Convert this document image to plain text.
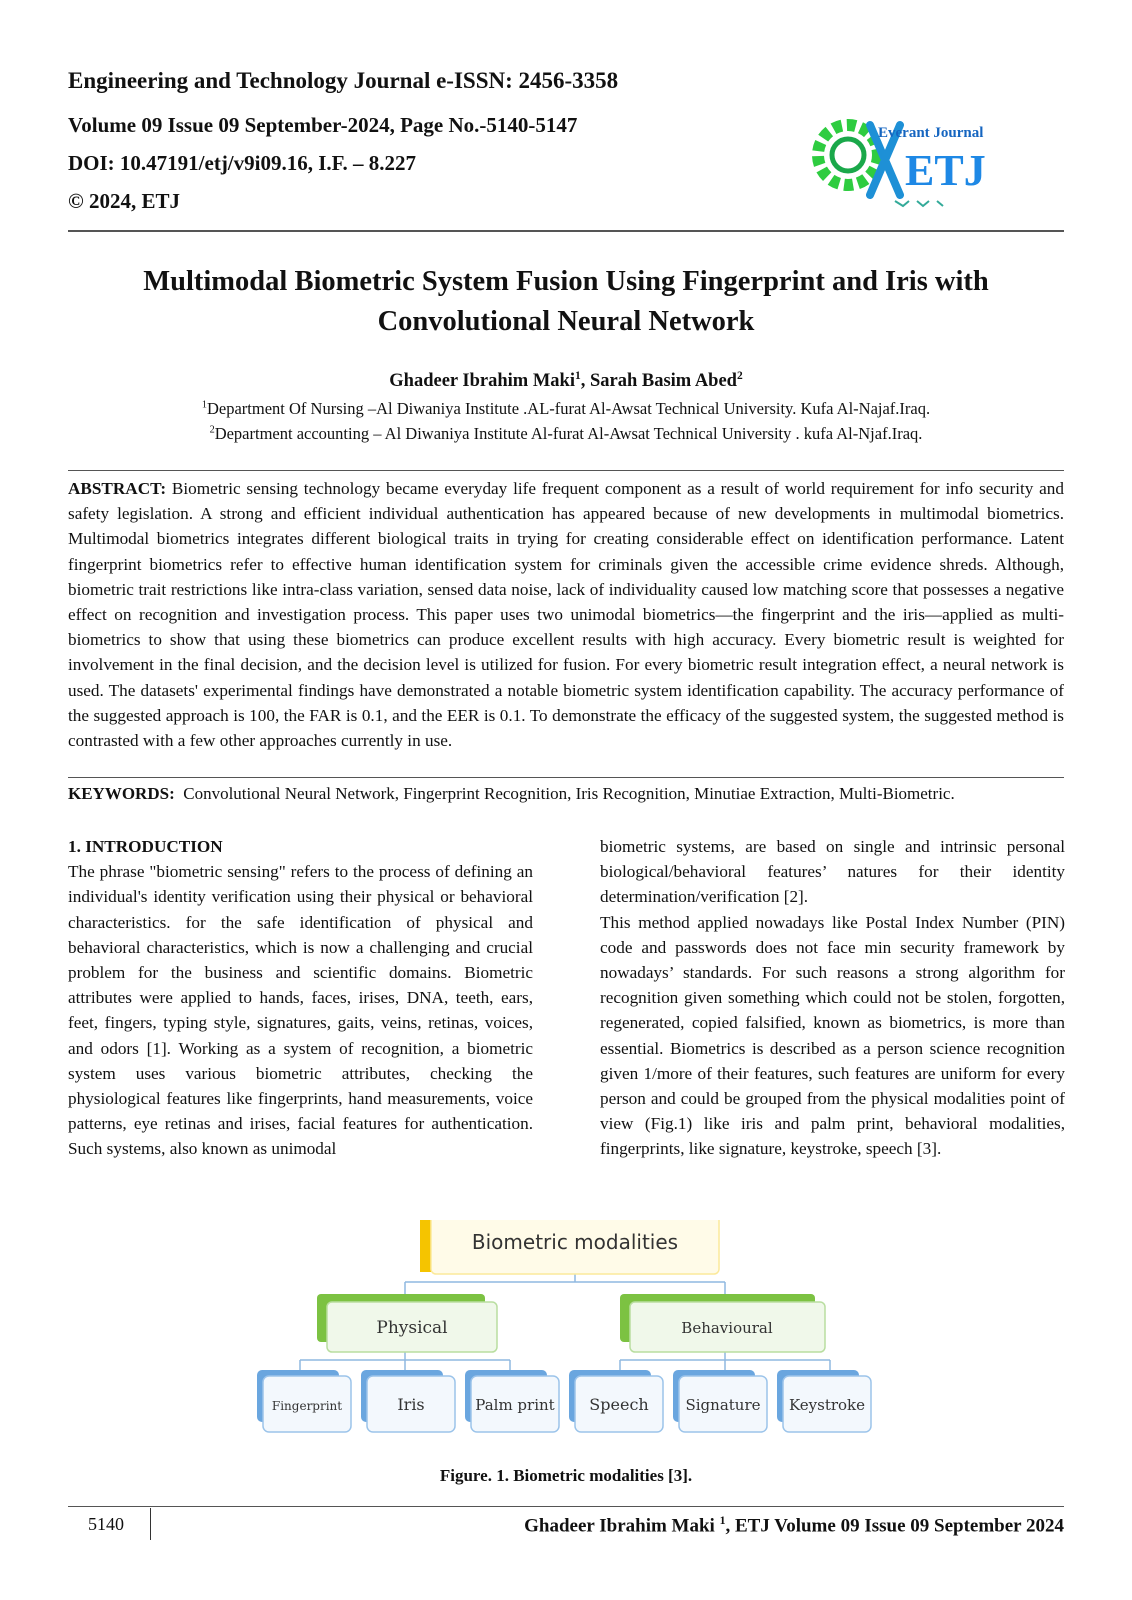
Engineering and Technology Journal e-ISSN: 2456-3358
Volume 09 Issue 09 September-2024, Page No.-5140-5147
DOI: 10.47191/etj/v9i09.16, I.F. – 8.227
© 2024, ETJ
Everant Journal
ETJ
Multimodal Biometric System Fusion Using Fingerprint and Iris with
Convolutional Neural Network
Ghadeer Ibrahim Maki$^1$, Sarah Basim Abed$^2$
$^1$Department Of Nursing –Al Diwaniya Institute .AL-furat Al-Awsat Technical University. Kufa Al-Najaf.Iraq.
$^2$Department accounting – Al Diwaniya Institute Al-furat Al-Awsat Technical University . kufa Al-Njaf.Iraq.
ABSTRACT: Biometric sensing technology became everyday life frequent component as a result of world requirement for info security and safety legislation. A strong and efficient individual authentication has appeared because of new developments in multimodal biometrics. Multimodal biometrics integrates different biological traits in trying for creating considerable effect on identification performance. Latent fingerprint biometrics refer to effective human identification system for criminals given the accessible crime evidence shreds. Although, biometric trait restrictions like intra-class variation, sensed data noise, lack of individuality caused low matching score that possesses a negative effect on recognition and investigation process. This paper uses two unimodal biometrics—the fingerprint and the iris—applied as multi-biometrics to show that using these biometrics can produce excellent results with high accuracy. Every biometric result is weighted for involvement in the final decision, and the decision level is utilized for fusion. For every biometric result integration effect, a neural network is used. The datasets' experimental findings have demonstrated a notable biometric system identification capability. The accuracy performance of the suggested approach is 100, the FAR is 0.1, and the EER is 0.1. To demonstrate the efficacy of the suggested system, the suggested method is contrasted with a few other approaches currently in use.
KEYWORDS: Convolutional Neural Network, Fingerprint Recognition, Iris Recognition, Minutiae Extraction, Multi-Biometric.

1. INTRODUCTION

The phrase "biometric sensing" refers to the process of defining an individual's identity verification using their physical or behavioral characteristics. for the safe identification of physical and behavioral characteristics, which is now a challenging and crucial problem for the business and scientific domains. Biometric attributes were applied to hands, faces, irises, DNA, teeth, ears, feet, fingers, typing style, signatures, gaits, veins, retinas, voices, and odors [1]. Working as a system of recognition, a biometric system uses various biometric attributes, checking the physiological features like fingerprints, hand measurements, voice patterns, eye retinas and irises, facial features for authentication. Such systems, also known as unimodal

biometric systems, are based on single and intrinsic personal biological/behavioral features’ natures for their identity determination/verification [2].

This method applied nowadays like Postal Index Number (PIN) code and passwords does not face min security framework by nowadays’ standards. For such reasons a strong algorithm for recognition given something which could not be stolen, forgotten, regenerated, copied falsified, known as biometrics, is more than essential. Biometrics is described as a person science recognition given 1/more of their features, such features are uniform for every person and could be grouped from the physical modalities point of view (Fig.1) like iris and palm print, behavioral modalities, fingerprints, like signature, keystroke, speech [3].

Biometric modalities
Physical	Behavioural
Fingerprint	Iris	Palm print Speech Signature Keystroke
Figure. 1. Biometric modalities [3].
5140	Ghadeer Ibrahim Maki $^1$, ETJ Volume 09 Issue 09 September 2024
